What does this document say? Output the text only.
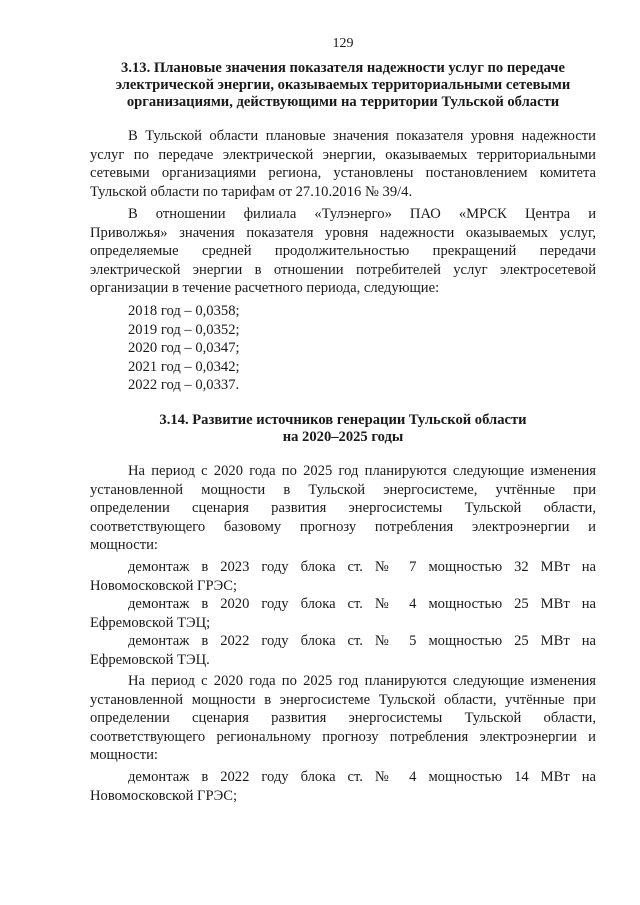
129
3.13. Плановые значения показателя надежности услуг по передаче
электрической энергии, оказываемых территориальными сетевыми
организациями, действующими на территории Тульской области
В Тульской области плановые значения показателя уровня надежности
услуг по передаче электрической энергии, оказываемых территориальными
сетевыми организациями региона, установлены постановлением комитета
Тульской области по тарифам от 27.10.2016 № 39/4.
В отношении филиала «Тулэнерго» ПАО «МРСК Центра и
Приволжья» значения показателя уровня надежности оказываемых услуг,
определяемые средней продолжительностью прекращений передачи
электрической энергии в отношении потребителей услуг электросетевой
организации в течение расчетного периода, следующие:
2018 год – 0,0358;
2019 год – 0,0352;
2020 год – 0,0347;
2021 год – 0,0342;
2022 год – 0,0337.
3.14. Развитие источников генерации Тульской области
на 2020–2025 годы
На период с 2020 года по 2025 год планируются следующие изменения
установленной мощности в Тульской энергосистеме, учтённые при
определении сценария развития энергосистемы Тульской области,
соответствующего базовому прогнозу потребления электроэнергии и
мощности:
демонтаж в 2023 году блока ст. № 7 мощностью 32 МВт на
Новомосковской ГРЭС;
демонтаж в 2020 году блока ст. № 4 мощностью 25 МВт на
Ефремовской ТЭЦ;
демонтаж в 2022 году блока ст. № 5 мощностью 25 МВт на
Ефремовской ТЭЦ.
На период с 2020 года по 2025 год планируются следующие изменения
установленной мощности в энергосистеме Тульской области, учтённые при
определении сценария развития энергосистемы Тульской области,
соответствующего региональному прогнозу потребления электроэнергии и
мощности:
демонтаж в 2022 году блока ст. № 4 мощностью 14 МВт на
Новомосковской ГРЭС;
